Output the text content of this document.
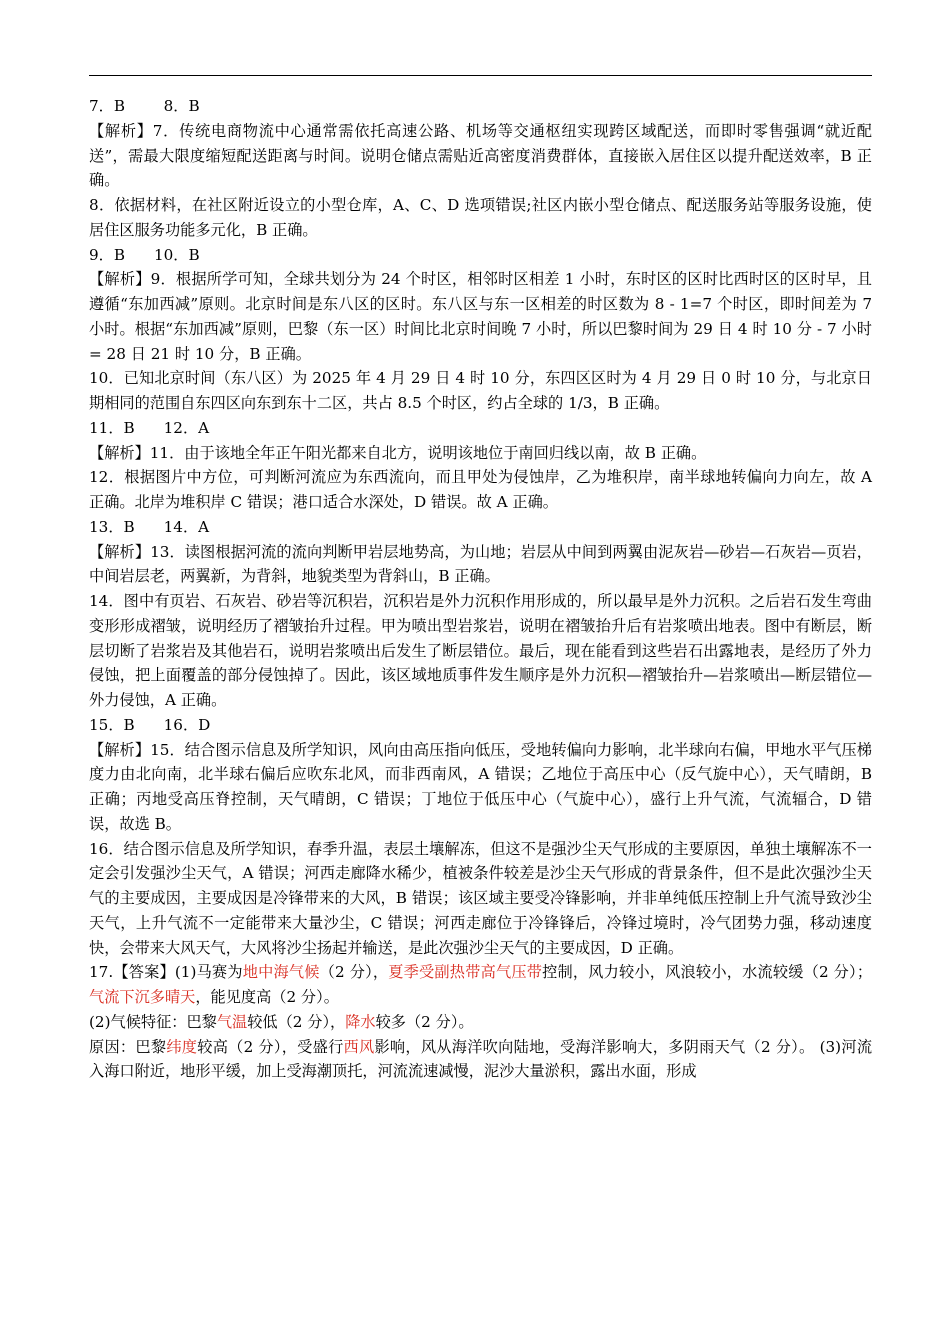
7．B        8．B

【解析】7．传统电商物流中心通常需依托高速公路、机场等交通枢纽实现跨区域配送，而即时零售强调“就近配送”，需最大限度缩短配送距离与时间。说明仓储点需贴近高密度消费群体，直接嵌入居住区以提升配送效率，B 正确。

8．依据材料，在社区附近设立的小型仓库，A、C、D 选项错误;社区内嵌小型仓储点、配送服务站等服务设施，使居住区服务功能多元化，B 正确。

9．B      10．B

【解析】9．根据所学可知，全球共划分为 24 个时区，相邻时区相差 1 小时，东时区的区时比西时区的区时早，且遵循“东加西减”原则。北京时间是东八区的区时。东八区与东一区相差的时区数为 8 - 1=7 个时区，即时间差为 7 小时。根据“东加西减”原则，巴黎（东一区）时间比北京时间晚 7 小时，所以巴黎时间为 29 日 4 时 10 分 - 7 小时 = 28 日 21 时 10 分，B 正确。

10．已知北京时间（东八区）为 2025 年 4 月 29 日 4 时 10 分，东四区区时为 4 月 29 日 0 时 10 分，与北京日期相同的范围自东四区向东到东十二区，共占 8.5 个时区，约占全球的 1/3，B 正确。

11．B      12．A

【解析】11．由于该地全年正午阳光都来自北方，说明该地位于南回归线以南，故 B 正确。

12．根据图片中方位，可判断河流应为东西流向，而且甲处为侵蚀岸，乙为堆积岸，南半球地转偏向力向左，故 A 正确。北岸为堆积岸 C 错误；港口适合水深处，D 错误。故 A 正确。

13．B      14．A

【解析】13．读图根据河流的流向判断甲岩层地势高，为山地；岩层从中间到两翼由泥灰岩—砂岩—石灰岩—页岩，中间岩层老，两翼新，为背斜，地貌类型为背斜山，B 正确。

14．图中有页岩、石灰岩、砂岩等沉积岩，沉积岩是外力沉积作用形成的，所以最早是外力沉积。之后岩石发生弯曲变形形成褶皱，说明经历了褶皱抬升过程。甲为喷出型岩浆岩，说明在褶皱抬升后有岩浆喷出地表。图中有断层，断层切断了岩浆岩及其他岩石，说明岩浆喷出后发生了断层错位。最后，现在能看到这些岩石出露地表，是经历了外力侵蚀，把上面覆盖的部分侵蚀掉了。因此，该区域地质事件发生顺序是外力沉积—褶皱抬升—岩浆喷出—断层错位—外力侵蚀，A 正确。

15．B      16．D

【解析】15．结合图示信息及所学知识，风向由高压指向低压，受地转偏向力影响，北半球向右偏，甲地水平气压梯度力由北向南，北半球右偏后应吹东北风，而非西南风，A 错误；乙地位于高压中心（反气旋中心），天气晴朗，B 正确；丙地受高压脊控制，天气晴朗，C 错误；丁地位于低压中心（气旋中心），盛行上升气流，气流辐合，D 错误，故选 B。

16．结合图示信息及所学知识，春季升温，表层土壤解冻，但这不是强沙尘天气形成的主要原因，单独土壤解冻不一定会引发强沙尘天气，A 错误；河西走廊降水稀少，植被条件较差是沙尘天气形成的背景条件，但不是此次强沙尘天气的主要成因，主要成因是冷锋带来的大风，B 错误；该区域主要受冷锋影响，并非单纯低压控制上升气流导致沙尘天气，上升气流不一定能带来大量沙尘，C 错误；河西走廊位于冷锋锋后，冷锋过境时，冷气团势力强，移动速度快，会带来大风天气，大风将沙尘扬起并输送，是此次强沙尘天气的主要成因，D 正确。

17.【答案】(1)马赛为地中海气候（2 分），夏季受副热带高气压带控制，风力较小，风浪较小，水流较缓（2 分）；气流下沉多晴天，能见度高（2 分）。

(2)气候特征：巴黎气温较低（2 分），降水较多（2 分）。

原因：巴黎纬度较高（2 分），受盛行西风影响，风从海洋吹向陆地，受海洋影响大，多阴雨天气（2 分）。 (3)河流入海口附近，地形平缓，加上受海潮顶托，河流流速减慢，泥沙大量淤积，露出水面，形成
